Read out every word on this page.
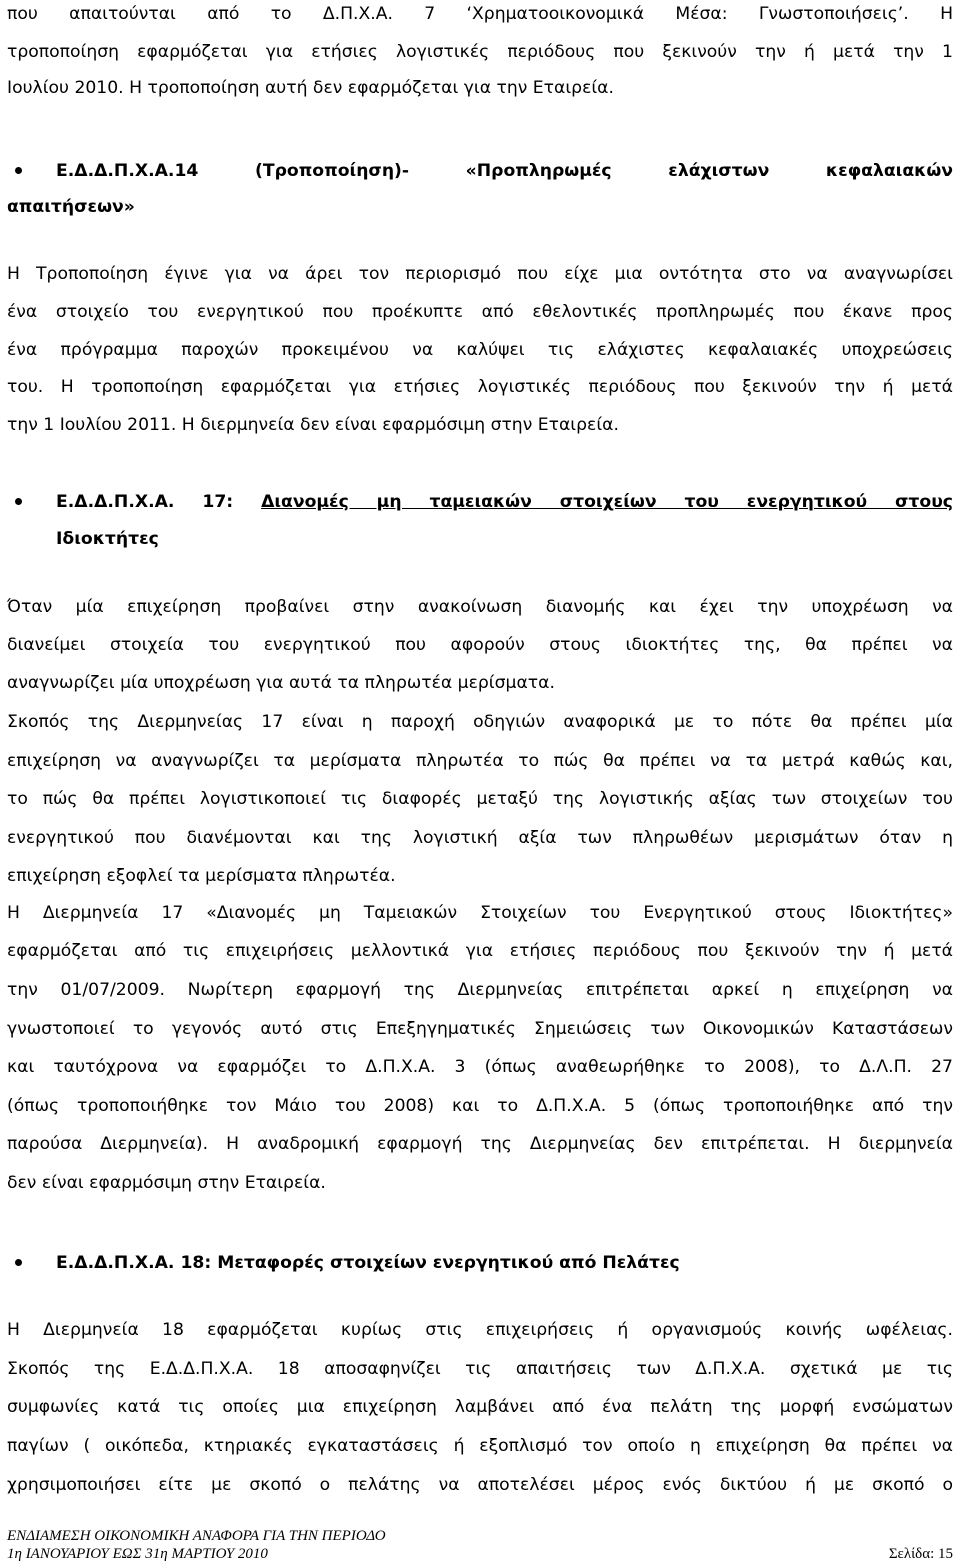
που απαιτούνται από το Δ.Π.Χ.Α. 7 ‘Χρηματοοικονομικά Μέσα: Γνωστοποιήσεις’. Η
τροποποίηση εφαρμόζεται για ετήσιες λογιστικές περιόδους που ξεκινούν την ή μετά την 1
Ιουλίου 2010. Η τροποποίηση αυτή δεν εφαρμόζεται για την Εταιρεία.
Ε.Δ.Δ.Π.Χ.Α.14 (Τροποποίηση)- «Προπληρωμές ελάχιστων κεφαλαιακών
απαιτήσεων»
Η Τροποποίηση έγινε για να άρει τον περιορισμό που είχε μια οντότητα στο να αναγνωρίσει
ένα στοιχείο του ενεργητικού που προέκυπτε από εθελοντικές προπληρωμές που έκανε προς
ένα πρόγραμμα παροχών προκειμένου να καλύψει τις ελάχιστες κεφαλαιακές υποχρεώσεις
του. Η τροποποίηση εφαρμόζεται για ετήσιες λογιστικές περιόδους που ξεκινούν την ή μετά
την 1 Ιουλίου 2011. Η διερμηνεία δεν είναι εφαρμόσιμη στην Εταιρεία.
Ε.Δ.Δ.Π.Χ.Α. 17: Διανομές μη ταμειακών στοιχείων του ενεργητικού στους
Ιδιοκτήτες
Όταν μία επιχείρηση προβαίνει στην ανακοίνωση διανομής και έχει την υποχρέωση να
διανείμει στοιχεία του ενεργητικού που αφορούν στους ιδιοκτήτες της, θα πρέπει να
αναγνωρίζει μία υποχρέωση για αυτά τα πληρωτέα μερίσματα.
Σκοπός της Διερμηνείας 17 είναι η παροχή οδηγιών αναφορικά με το πότε θα πρέπει μία
επιχείρηση να αναγνωρίζει τα μερίσματα πληρωτέα το πώς θα πρέπει να τα μετρά καθώς και,
το πώς θα πρέπει λογιστικοποιεί τις διαφορές μεταξύ της λογιστικής αξίας των στοιχείων του
ενεργητικού που διανέμονται και της λογιστική αξία των πληρωθέων μερισμάτων όταν η
επιχείρηση εξοφλεί τα μερίσματα πληρωτέα.
Η Διερμηνεία 17 «Διανομές μη Ταμειακών Στοιχείων του Ενεργητικού στους Ιδιοκτήτες»
εφαρμόζεται από τις επιχειρήσεις μελλοντικά για ετήσιες περιόδους που ξεκινούν την ή μετά
την 01/07/2009. Νωρίτερη εφαρμογή της Διερμηνείας επιτρέπεται αρκεί η επιχείρηση να
γνωστοποιεί το γεγονός αυτό στις Επεξηγηματικές Σημειώσεις των Οικονομικών Καταστάσεων
και ταυτόχρονα να εφαρμόζει το Δ.Π.Χ.Α. 3 (όπως αναθεωρήθηκε το 2008), το Δ.Λ.Π. 27
(όπως τροποποιήθηκε τον Μάιο του 2008) και το Δ.Π.Χ.Α. 5 (όπως τροποποιήθηκε από την
παρούσα Διερμηνεία). Η αναδρομική εφαρμογή της Διερμηνείας δεν επιτρέπεται. Η διερμηνεία
δεν είναι εφαρμόσιμη στην Εταιρεία.
Ε.Δ.Δ.Π.Χ.Α. 18: Μεταφορές στοιχείων ενεργητικού από Πελάτες
Η Διερμηνεία 18 εφαρμόζεται κυρίως στις επιχειρήσεις ή οργανισμούς κοινής ωφέλειας.
Σκοπός της Ε.Δ.Δ.Π.Χ.Α. 18 αποσαφηνίζει τις απαιτήσεις των Δ.Π.Χ.Α. σχετικά με τις
συμφωνίες κατά τις οποίες μια επιχείρηση λαμβάνει από ένα πελάτη της μορφή ενσώματων
παγίων ( οικόπεδα, κτηριακές εγκαταστάσεις ή εξοπλισμό τον οποίο η επιχείρηση θα πρέπει να
χρησιμοποιήσει είτε με σκοπό ο πελάτης να αποτελέσει μέρος ενός δικτύου ή με σκοπό ο
ΕΝΔΙΑΜΕΣΗ ΟΙΚΟΝΟΜΙΚΗ ΑΝΑΦΟΡΑ ΓΙΑ ΤΗΝ ΠΕΡΙΟΔΟ
1η ΙΑΝΟΥΑΡΙΟΥ ΕΩΣ 31η ΜΑΡΤΙΟΥ 2010	Σελίδα: 15
